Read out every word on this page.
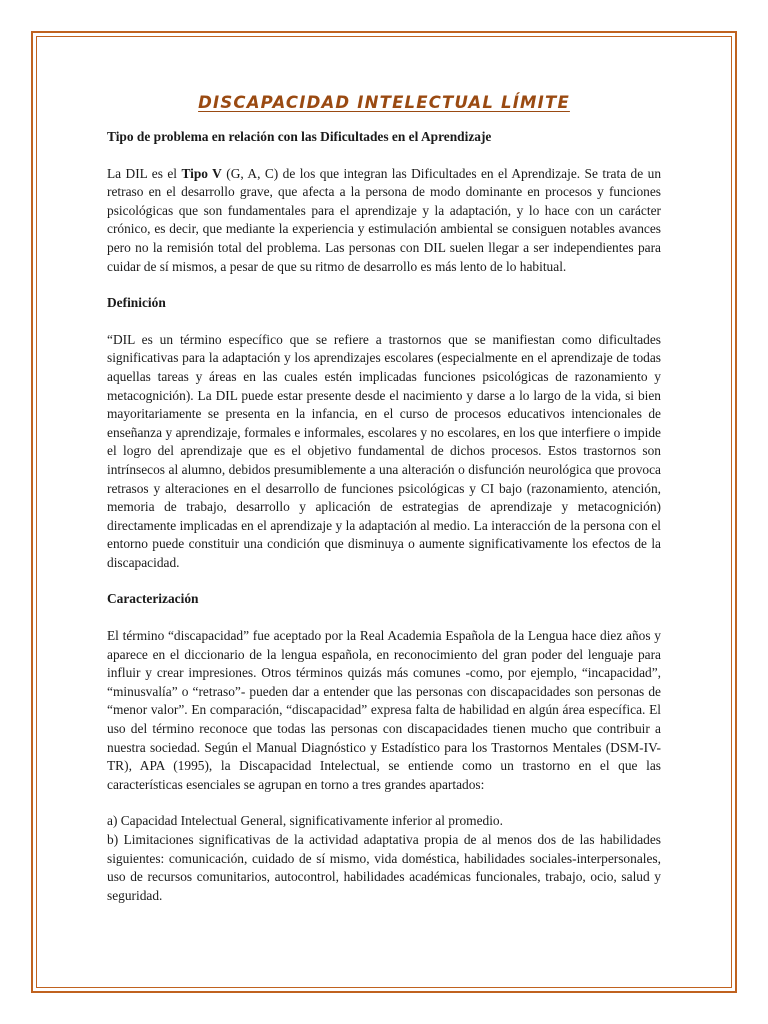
DISCAPACIDAD INTELECTUAL LÍMITE
Tipo de problema en relación con las Dificultades en el Aprendizaje

La DIL es el Tipo V (G, A, C) de los que integran las Dificultades en el Aprendizaje. Se trata de un retraso en el desarrollo grave, que afecta a la persona de modo dominante en procesos y funciones psicológicas que son fundamentales para el aprendizaje y la adaptación, y lo hace con un carácter crónico, es decir, que mediante la experiencia y estimulación ambiental se consiguen notables avances pero no la remisión total del problema. Las personas con DIL suelen llegar a ser independientes para cuidar de sí mismos, a pesar de que su ritmo de desarrollo es más lento de lo habitual.

Definición

“DIL es un término específico que se refiere a trastornos que se manifiestan como dificultades significativas para la adaptación y los aprendizajes escolares (especialmente en el aprendizaje de todas aquellas tareas y áreas en las cuales estén implicadas funciones psicológicas de razonamiento y metacognición). La DIL puede estar presente desde el nacimiento y darse a lo largo de la vida, si bien mayoritariamente se presenta en la infancia, en el curso de procesos educativos intencionales de enseñanza y aprendizaje, formales e informales, escolares y no escolares, en los que interfiere o impide el logro del aprendizaje que es el objetivo fundamental de dichos procesos. Estos trastornos son intrínsecos al alumno, debidos presumiblemente a una alteración o disfunción neurológica que provoca retrasos y alteraciones en el desarrollo de funciones psicológicas y CI bajo (razonamiento, atención, memoria de trabajo, desarrollo y aplicación de estrategias de aprendizaje y metacognición) directamente implicadas en el aprendizaje y la adaptación al medio. La interacción de la persona con el entorno puede constituir una condición que disminuya o aumente significativamente los efectos de la discapacidad.

Caracterización

El término “discapacidad” fue aceptado por la Real Academia Española de la Lengua hace diez años y aparece en el diccionario de la lengua española, en reconocimiento del gran poder del lenguaje para influir y crear impresiones. Otros términos quizás más comunes -como, por ejemplo, “incapacidad”, “minusvalía” o “retraso”- pueden dar a entender que las personas con discapacidades son personas de “menor valor”. En comparación, “discapacidad” expresa falta de habilidad en algún área específica. El uso del término reconoce que todas las personas con discapacidades tienen mucho que contribuir a nuestra sociedad. Según el Manual Diagnóstico y Estadístico para los Trastornos Mentales (DSM-IV-TR), APA (1995), la Discapacidad Intelectual, se entiende como un trastorno en el que las características esenciales se agrupan en torno a tres grandes apartados:

a) Capacidad Intelectual General, significativamente inferior al promedio.
b) Limitaciones significativas de la actividad adaptativa propia de al menos dos de las habilidades siguientes: comunicación, cuidado de sí mismo, vida doméstica, habilidades sociales-interpersonales, uso de recursos comunitarios, autocontrol, habilidades académicas funcionales, trabajo, ocio, salud y seguridad.
